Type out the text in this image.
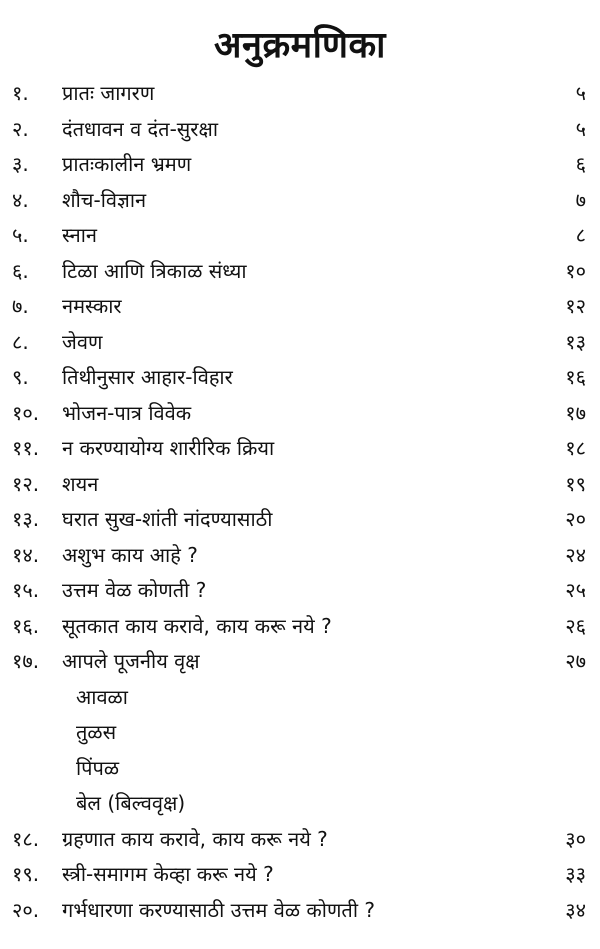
अनुक्रमणिका
१. प्रातः जागरण	५
२. दंतधावन व दंत-सुरक्षा	५
३. प्रातःकालीन भ्रमण	६
४. शौच-विज्ञान	७
५. स्नान	८
६. टिळा आणि त्रिकाळ संध्या	१०
७. नमस्कार	१२
८. जेवण	१३
९. तिथीनुसार आहार-विहार	१६
१०. भोजन-पात्र विवेक	१७
११. न करण्यायोग्य शारीरिक क्रिया	१८
१२. शयन	१९
१३. घरात सुख-शांती नांदण्यासाठी	२०
१४. अशुभ काय आहे ?	२४
१५. उत्तम वेळ कोणती ?	२५
१६. सूतकात काय करावे, काय करू नये ?	२६
१७. आपले पूजनीय वृक्ष	२७
आवळा
तुळस
पिंपळ
बेल (बिल्ववृक्ष)
१८. ग्रहणात काय करावे, काय करू नये ?	३०
१९. स्त्री-समागम केव्हा करू नये ?	३३
२०. गर्भधारणा करण्यासाठी उत्तम वेळ कोणती ?	३४
